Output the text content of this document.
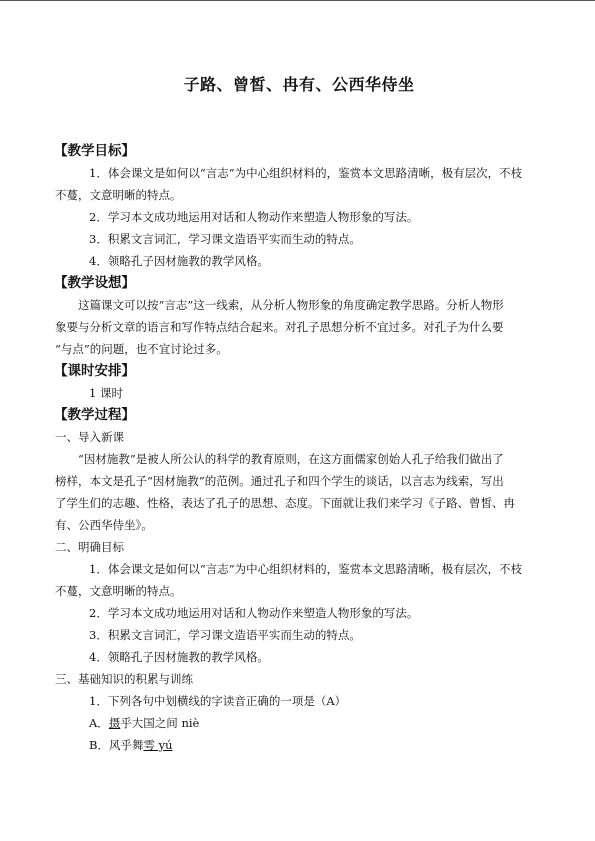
子路、曾皙、冉有、公西华侍坐
【教学目标】
1．体会课文是如何以“言志”为中心组织材料的，鉴赏本文思路清晰，极有层次，不枝
不蔓，文意明晰的特点。
2．学习本文成功地运用对话和人物动作来塑造人物形象的写法。
3．积累文言词汇，学习课文造语平实而生动的特点。
4．领略孔子因材施教的教学风格。
【教学设想】
这篇课文可以按“言志”这一线索，从分析人物形象的角度确定教学思路。分析人物形
象要与分析文章的语言和写作特点结合起来。对孔子思想分析不宜过多。对孔子为什么要
“与点”的问题，也不宜讨论过多。
【课时安排】
1 课时
【教学过程】
一、导入新课
“因材施教”是被人所公认的科学的教育原则，在这方面儒家创始人孔子给我们做出了
榜样，本文是孔子“因材施教”的范例。通过孔子和四个学生的谈话，以言志为线索，写出
了学生们的志趣、性格，表达了孔子的思想、态度。下面就让我们来学习《子路、曾皙、冉
有、公西华侍坐》。
二、明确目标
1．体会课文是如何以“言志”为中心组织材料的，鉴赏本文思路清晰，极有层次，不枝
不蔓，文意明晰的特点。
2．学习本文成功地运用对话和人物动作来塑造人物形象的写法。
3．积累文言词汇，学习课文造语平实而生动的特点。
4．领略孔子因材施教的教学风格。
三、基础知识的积累与训练
1．下列各句中划横线的字读音正确的一项是（A）
A．摄乎大国之间 niè
B．风乎舞雩 yú
